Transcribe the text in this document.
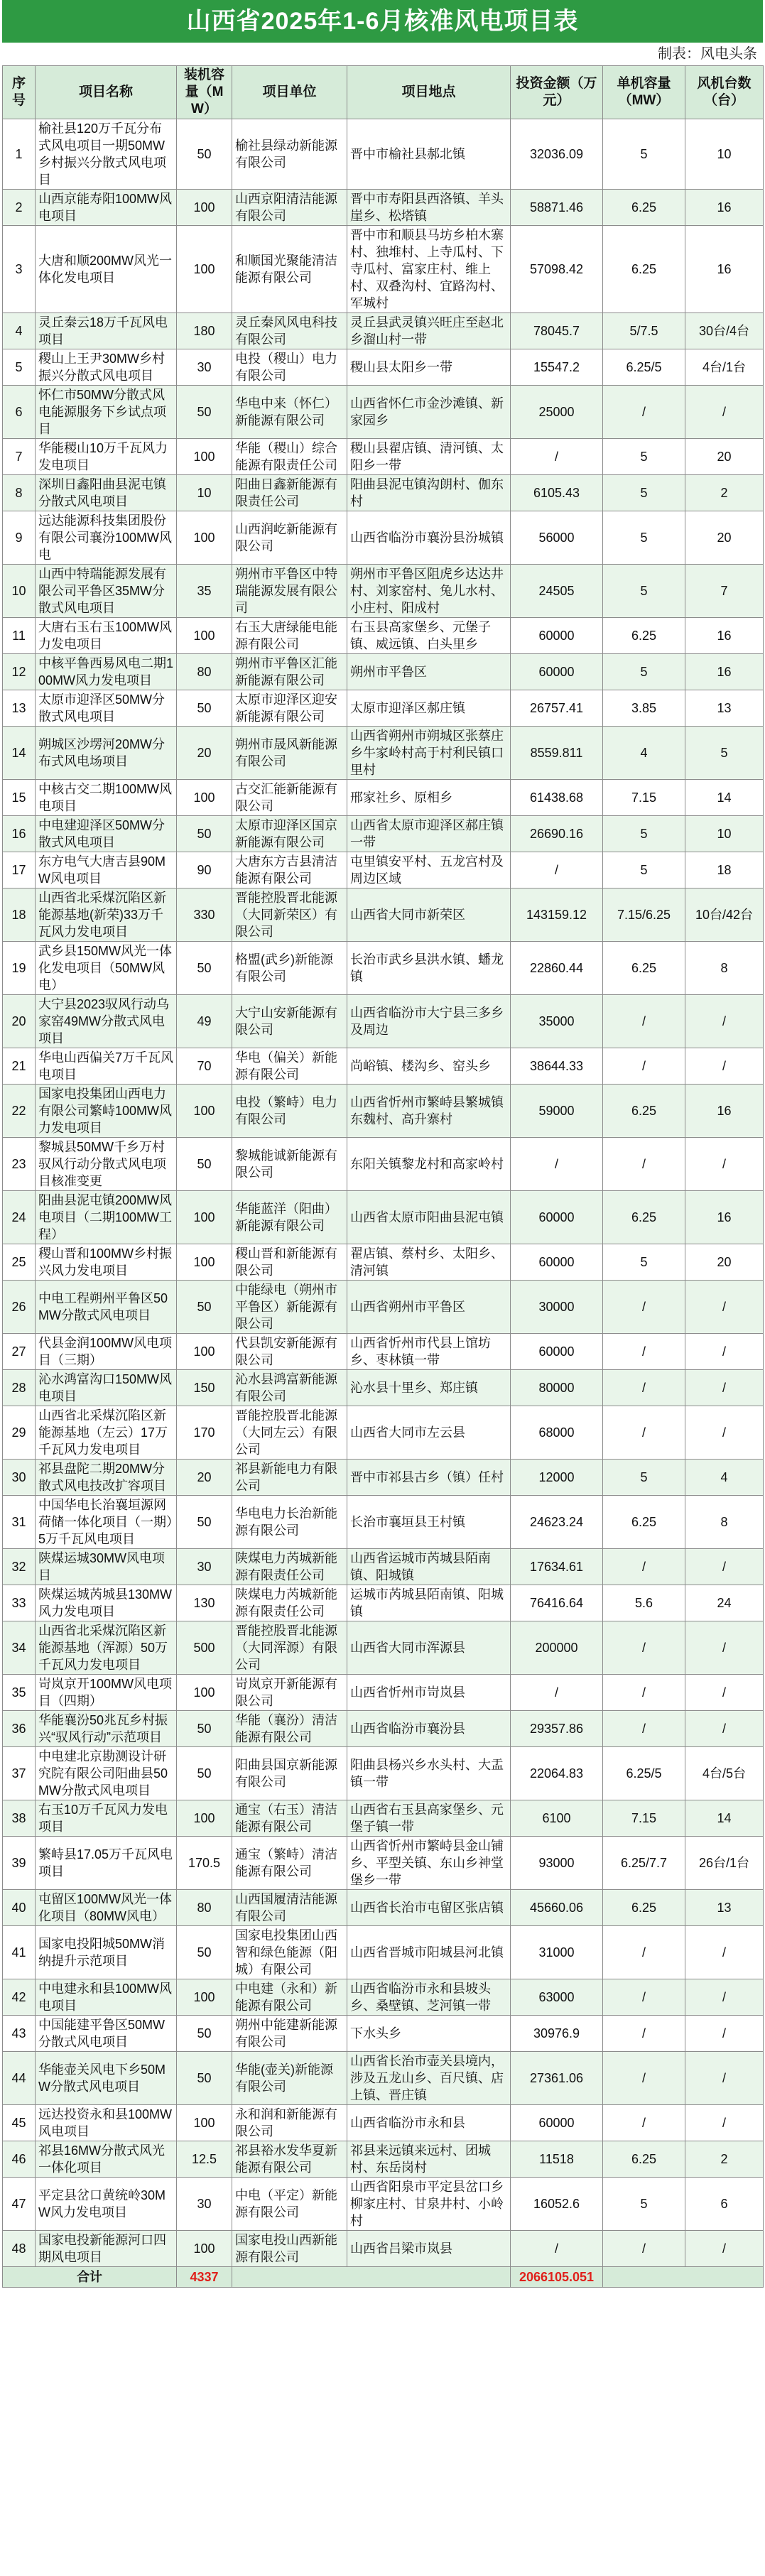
山西省2025年1-6月核准风电项目表
制表：风电头条
序号	项目名称	装机容量（MW）	项目单位	项目地点	投资金额（万元）	单机容量（MW）	风机台数（台）
1	榆社县120万千瓦分布式风电项目一期50MW乡村振兴分散式风电项目	50	榆社县绿动新能源有限公司	晋中市榆社县郝北镇	32036.09	5	10
2	山西京能寿阳100MW风电项目	100	山西京阳清洁能源有限公司	晋中市寿阳县西洛镇、羊头崖乡、松塔镇	58871.46	6.25	16
3	大唐和顺200MW风光一体化发电项目	100	和顺国光聚能清洁能源有限公司	晋中市和顺县马坊乡柏木寨村、独堆村、上寺瓜村、下寺瓜村、富家庄村、维上村、双叠沟村、宜路沟村、军城村	57098.42	6.25	16
4	灵丘秦云18万千瓦风电项目	180	灵丘秦风风电科技有限公司	灵丘县武灵镇兴旺庄至赵北乡溜山村一带	78045.7	5/7.5	30台/4台
5	稷山上王尹30MW乡村振兴分散式风电项目	30	电投（稷山）电力有限公司	稷山县太阳乡一带	15547.2	6.25/5	4台/1台
6	怀仁市50MW分散式风电能源服务下乡试点项目	50	华电中来（怀仁）新能源有限公司	山西省怀仁市金沙滩镇、新家园乡	25000	/	/
7	华能稷山10万千瓦风力发电项目	100	华能（稷山）综合能源有限责任公司	稷山县翟店镇、清河镇、太阳乡一带	/	5	20
8	深圳日鑫阳曲县泥屯镇分散式风电项目	10	阳曲日鑫新能源有限责任公司	阳曲县泥屯镇沟朗村、伽东村	6105.43	5	2
9	远达能源科技集团股份有限公司襄汾100MW风电	100	山西润屹新能源有限公司	山西省临汾市襄汾县汾城镇	56000	5	20
10	山西中特瑞能源发展有限公司平鲁区35MW分散式风电项目	35	朔州市平鲁区中特瑞能源发展有限公司	朔州市平鲁区阻虎乡达达井村、刘家窑村、兔儿水村、小庄村、阳成村	24505	5	7
11	大唐右玉右玉100MW风力发电项目	100	右玉大唐绿能电能源有限公司	右玉县高家堡乡、元堡子镇、威远镇、白头里乡	60000	6.25	16
12	中核平鲁西易风电二期100MW风力发电项目	80	朔州市平鲁区汇能新能源有限公司	朔州市平鲁区	60000	5	16
13	太原市迎泽区50MW分散式风电项目	50	太原市迎泽区迎安新能源有限公司	太原市迎泽区郝庄镇	26757.41	3.85	13
14	朔城区沙塄河20MW分布式风电场项目	20	朔州市晟风新能源有限公司	山西省朔州市朔城区张蔡庄乡牛家岭村高于村利民镇口里村	8559.811	4	5
15	中核古交二期100MW风电项目	100	古交汇能新能源有限公司	邢家社乡、原相乡	61438.68	7.15	14
16	中电建迎泽区50MW分散式风电项目	50	太原市迎泽区国京新能源有限公司	山西省太原市迎泽区郝庄镇一带	26690.16	5	10
17	东方电气大唐吉县90MW风电项目	90	大唐东方吉县清洁能源有限公司	屯里镇安平村、五龙宫村及周边区域	/	5	18
18	山西省北采煤沉陷区新能源基地(新荣)33万千瓦风力发电项目	330	晋能控股晋北能源（大同新荣区）有限公司	山西省大同市新荣区	143159.12	7.15/6.25	10台/42台
19	武乡县150MW风光一体化发电项目（50MW风电）	50	格盟(武乡)新能源有限公司	长治市武乡县洪水镇、蟠龙镇	22860.44	6.25	8
20	大宁县2023驭风行动乌家窑49MW分散式风电项目	49	大宁山安新能源有限公司	山西省临汾市大宁县三多乡及周边	35000	/	/
21	华电山西偏关7万千瓦风电项目	70	华电（偏关）新能源有限公司	尚峪镇、楼沟乡、窑头乡	38644.33	/	/
22	国家电投集团山西电力有限公司繁峙100MW风力发电项目	100	电投（繁峙）电力有限公司	山西省忻州市繁峙县繁城镇东魏村、高升寨村	59000	6.25	16
23	黎城县50MW千乡万村驭风行动分散式风电项目核准变更	50	黎城能诚新能源有限公司	东阳关镇黎龙村和高家岭村	/	/	/
24	阳曲县泥屯镇200MW风电项目（二期100MW工程）	100	华能蓝洋（阳曲）新能源有限公司	山西省太原市阳曲县泥屯镇	60000	6.25	16
25	稷山晋和100MW乡村振兴风力发电项目	100	稷山晋和新能源有限公司	翟店镇、蔡村乡、太阳乡、清河镇	60000	5	20
26	中电工程朔州平鲁区50MW分散式风电项目	50	中能绿电（朔州市平鲁区）新能源有限公司	山西省朔州市平鲁区	30000	/	/
27	代县金润100MW风电项目（三期）	100	代县凯安新能源有限公司	山西省忻州市代县上馆坊乡、枣林镇一带	60000	/	/
28	沁水鸿富沟口150MW风电项目	150	沁水县鸿富新能源有限公司	沁水县十里乡、郑庄镇	80000	/	/
29	山西省北采煤沉陷区新能源基地（左云）17万千瓦风力发电项目	170	晋能控股晋北能源（大同左云）有限公司	山西省大同市左云县	68000	/	/
30	祁县盘陀二期20MW分散式风电技改扩容项目	20	祁县新能电力有限公司	晋中市祁县古乡（镇）任村	12000	5	4
31	中国华电长治襄垣源网荷储一体化项目（一期）5万千瓦风电项目	50	华电电力长治新能源有限公司	长治市襄垣县王村镇	24623.24	6.25	8
32	陕煤运城30MW风电项目	30	陕煤电力芮城新能源有限责任公司	山西省运城市芮城县陌南镇、阳城镇	17634.61	/	/
33	陕煤运城芮城县130MW风力发电项目	130	陕煤电力芮城新能源有限责任公司	运城市芮城县陌南镇、阳城镇	76416.64	5.6	24
34	山西省北采煤沉陷区新能源基地（浑源）50万千瓦风力发电项目	500	晋能控股晋北能源（大同浑源）有限公司	山西省大同市浑源县	200000	/	/
35	岢岚京开100MW风电项目（四期）	100	岢岚京开新能源有限公司	山西省忻州市岢岚县	/	/	/
36	华能襄汾50兆瓦乡村振兴“驭风行动”示范项目	50	华能（襄汾）清洁能源有限公司	山西省临汾市襄汾县	29357.86	/	/
37	中电建北京勘测设计研究院有限公司阳曲县50MW分散式风电项目	50	阳曲县国京新能源有限公司	阳曲县杨兴乡水头村、大盂镇一带	22064.83	6.25/5	4台/5台
38	右玉10万千瓦风力发电项目	100	通宝（右玉）清洁能源有限公司	山西省右玉县高家堡乡、元堡子镇一带	6100	7.15	14
39	繁峙县17.05万千瓦风电项目	170.5	通宝（繁峙）清洁能源有限公司	山西省忻州市繁峙县金山铺乡、平型关镇、东山乡神堂堡乡一带	93000	6.25/7.7	26台/1台
40	屯留区100MW风光一体化项目（80MW风电）	80	山西国履清洁能源有限公司	山西省长治市屯留区张店镇	45660.06	6.25	13
41	国家电投阳城50MW消纳提升示范项目	50	国家电投集团山西智和绿色能源（阳城）有限公司	山西省晋城市阳城县河北镇	31000	/	/
42	中电建永和县100MW风电项目	100	中电建（永和）新能源有限公司	山西省临汾市永和县坡头乡、桑壁镇、芝河镇一带	63000	/	/
43	中国能建平鲁区50MW分散式风电项目	50	朔州中能建新能源有限公司	下水头乡	30976.9	/	/
44	华能壶关风电下乡50MW分散式风电项目	50	华能(壶关)新能源有限公司	山西省长治市壶关县境内，涉及五龙山乡、百尺镇、店上镇、晋庄镇	27361.06	/	/
45	远达投资永和县100MW风电项目	100	永和润和新能源有限公司	山西省临汾市永和县	60000	/	/
46	祁县16MW分散式风光一体化项目	12.5	祁县裕水发华夏新能源有限公司	祁县来远镇来远村、团城村、东岳岗村	11518	6.25	2
47	平定县岔口黄统岭30MW风力发电项目	30	中电（平定）新能源有限公司	山西省阳泉市平定县岔口乡柳家庄村、甘泉井村、小岭村	16052.6	5	6
48	国家电投新能源河口四期风电项目	100	国家电投山西新能源有限公司	山西省吕梁市岚县	/	/	/
合计		4337			2066105.051		
